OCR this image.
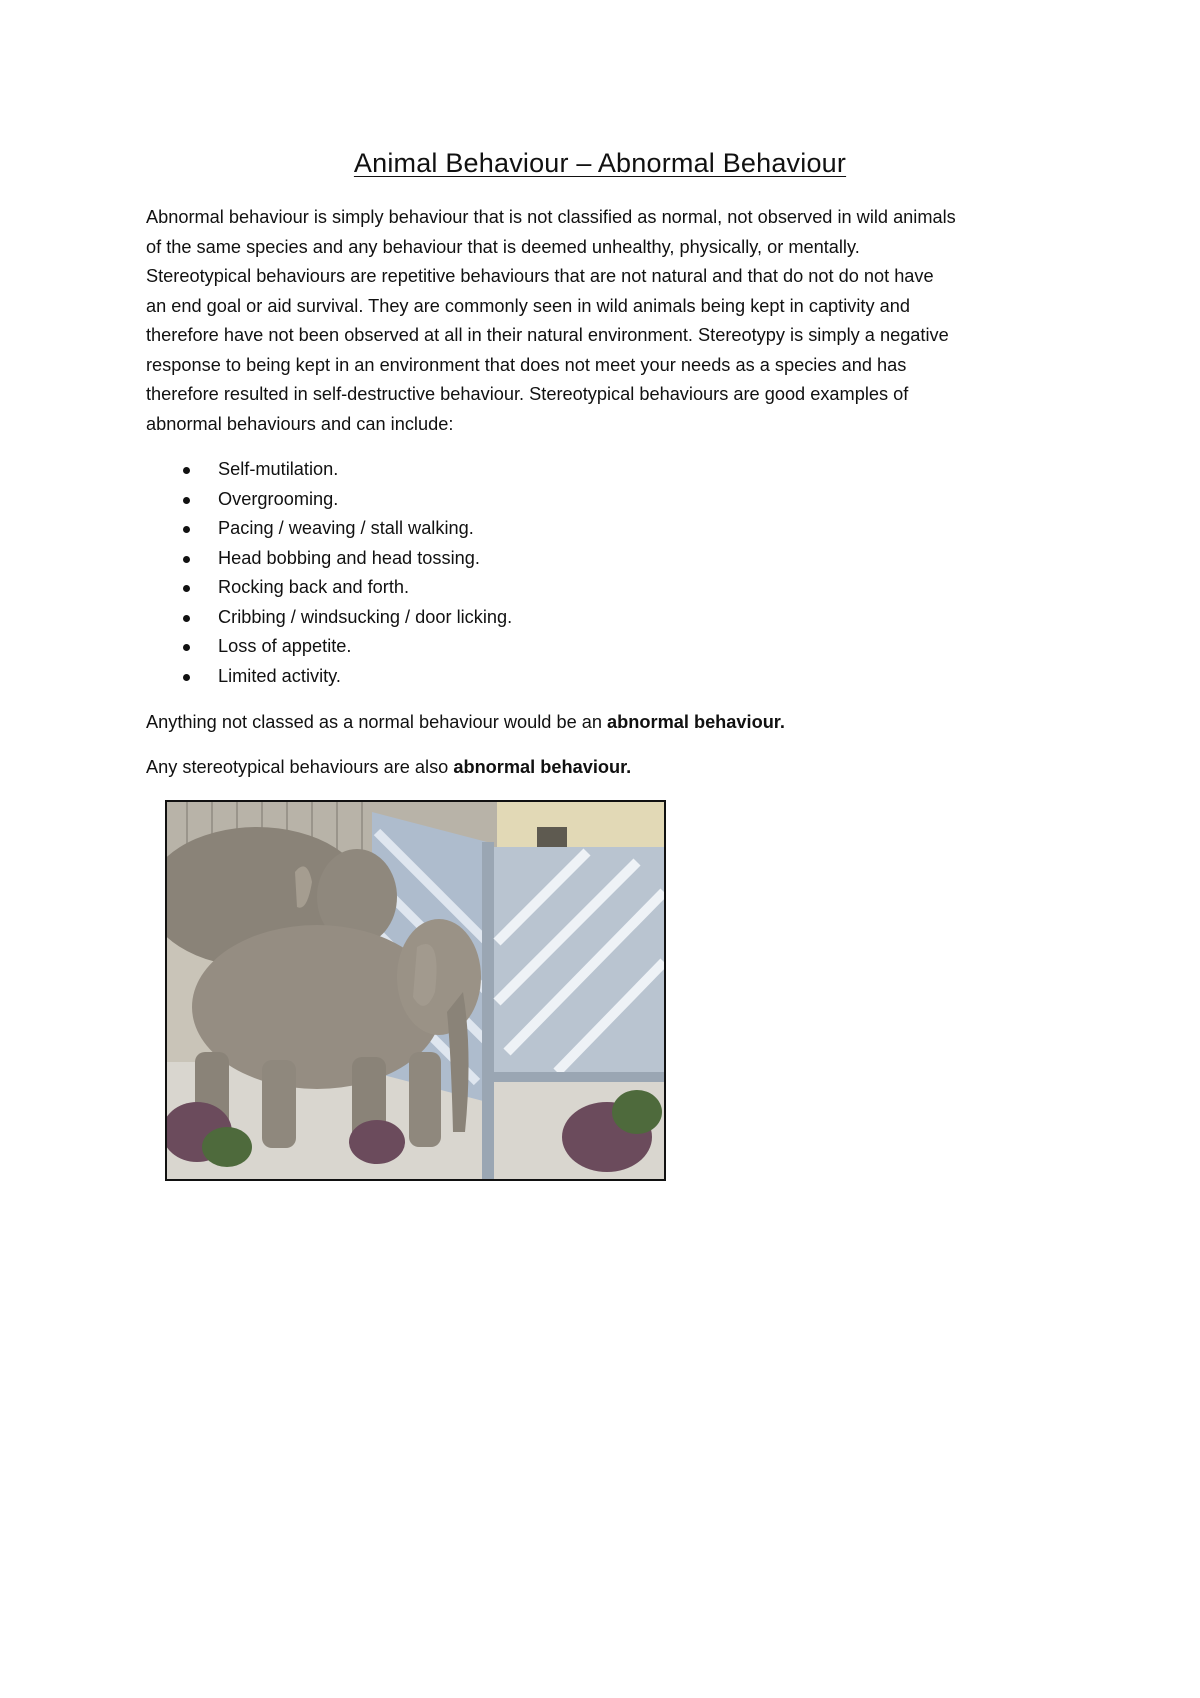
Animal Behaviour – Abnormal Behaviour
Abnormal behaviour is simply behaviour that is not classified as normal, not observed in wild animals
of the same species and any behaviour that is deemed unhealthy, physically, or mentally.
Stereotypical behaviours are repetitive behaviours that are not natural and that do not do not have
an end goal or aid survival. They are commonly seen in wild animals being kept in captivity and
therefore have not been observed at all in their natural environment. Stereotypy is simply a negative
response to being kept in an environment that does not meet your needs as a species and has
therefore resulted in self-destructive behaviour. Stereotypical behaviours are good examples of
abnormal behaviours and can include:
Self-mutilation.
Overgrooming.
Pacing / weaving / stall walking.
Head bobbing and head tossing.
Rocking back and forth.
Cribbing / windsucking / door licking.
Loss of appetite.
Limited activity.

Anything not classed as a normal behaviour would be an abnormal behaviour.

Any stereotypical behaviours are also abnormal behaviour.
